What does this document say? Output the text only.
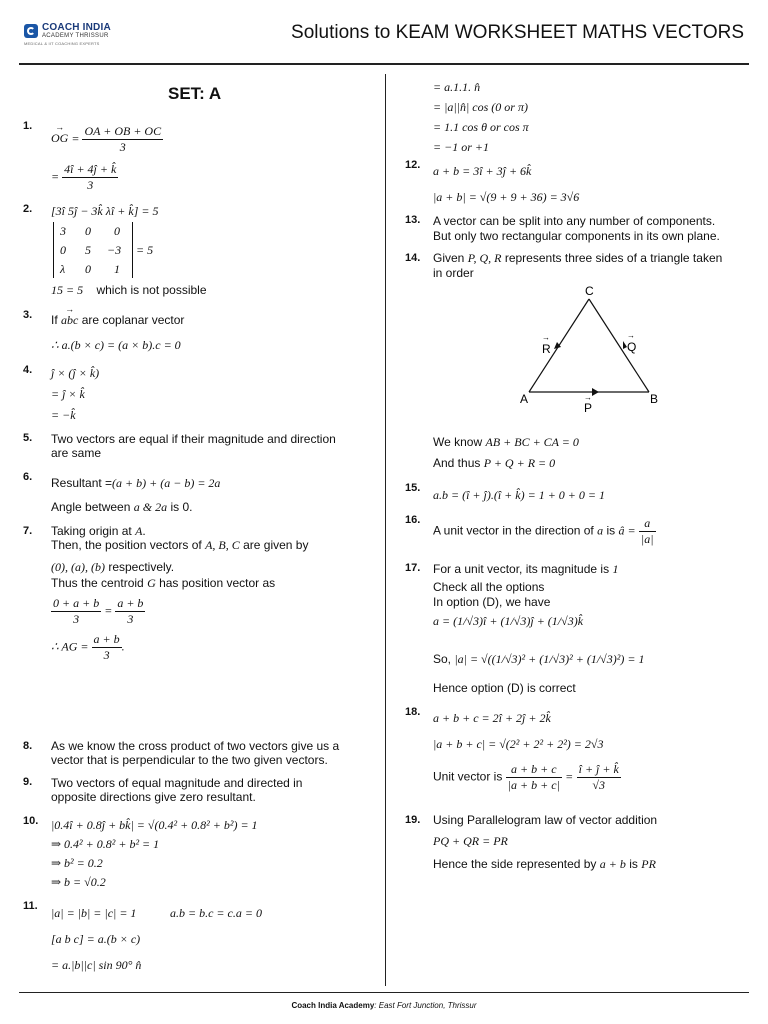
COACH INDIA
ACADEMY THRISSUR
MEDICAL & IIT COACHING EXPERTS
Solutions to KEAM WORKSHEET MATHS VECTORS
SET: A
1.
→ OG = $\frac{OA + OB + OC}{3}$
= $\frac{4î + 4ĵ + k̂}{3}$
2. [3î 5ĵ − 3k̂ λî + k̂] = 5
3 0 0
0 5 −3
λ 0 1
= 5
15 = 5 which is not possible
3. If → abc are coplanar vector
∴ a.(b × c) = (a × b).c = 0
4. ĵ × (ĵ × k̂)
= ĵ × k̂
= −k̂
5. Two vectors are equal if their magnitude and direction
are same
6. Resultant =(a + b) + (a − b) = 2a
Angle between a & 2a is 0.
7. Taking origin at A.
Then, the position vectors of A, B, C are given by
(0), (a), (b) respectively.
Thus the centroid G has position vector as
$\frac{0 + a + b}{3} = \frac{a + b}{3}$
∴ AG = $\frac{a + b}{3}$ .
8. As we know the cross product of two vectors give us a
vector that is perpendicular to the two given vectors.
9. Two vectors of equal magnitude and directed in
opposite directions give zero resultant.
10. |0.4î + 0.8ĵ + bk̂| = √(0.4² + 0.8² + b²) = 1
⇒ 0.4² + 0.8² + b² = 1
⇒ b² = 0.2
⇒ b = √0.2
11. |a| = |b| = |c| = 1	a.b = b.c = c.a = 0
[a b c] = a.(b × c)
= a.|b||c| sin 90° n̂
= a.1.1. n̂
= |a||n̂| cos (0 or π)
= 1.1 cos θ or cos π
= −1 or +1
12. a + b = 3î + 3ĵ + 6k̂
|a + b| = √(9 + 9 + 36) = 3√6
13. A vector can be split into any number of components.
But only two rectangular components in its own plane.
14. Given P, Q, R represents three sides of a triangle taken
in order
C
A	B
R	Q
P
→	→
→
We know AB + BC + CA = 0
And thus P + Q + R = 0
15. a.b = (î + ĵ).(î + k̂) = 1 + 0 + 0 = 1
16.
A unit vector in the direction of a is â = $\frac{a}{|a|}$
17. For a unit vector, its magnitude is 1
Check all the options
In option (D), we have
a = (1/√3)î + (1/√3)ĵ + (1/√3)k̂
So, |a| = √((1/√3)² + (1/√3)² + (1/√3)²) = 1
Hence option (D) is correct
18. a + b + c = 2î + 2ĵ + 2k̂
|a + b + c| = √(2² + 2² + 2²) = 2√3
Unit vector is $\frac{a + b + c}{|a + b + c|} = \frac{î + ĵ + k̂}{√3}$
19. Using Parallelogram law of vector addition
PQ + QR = PR
Hence the side represented by a + b is PR
Coach India Academy: East Fort Junction, Thrissur
